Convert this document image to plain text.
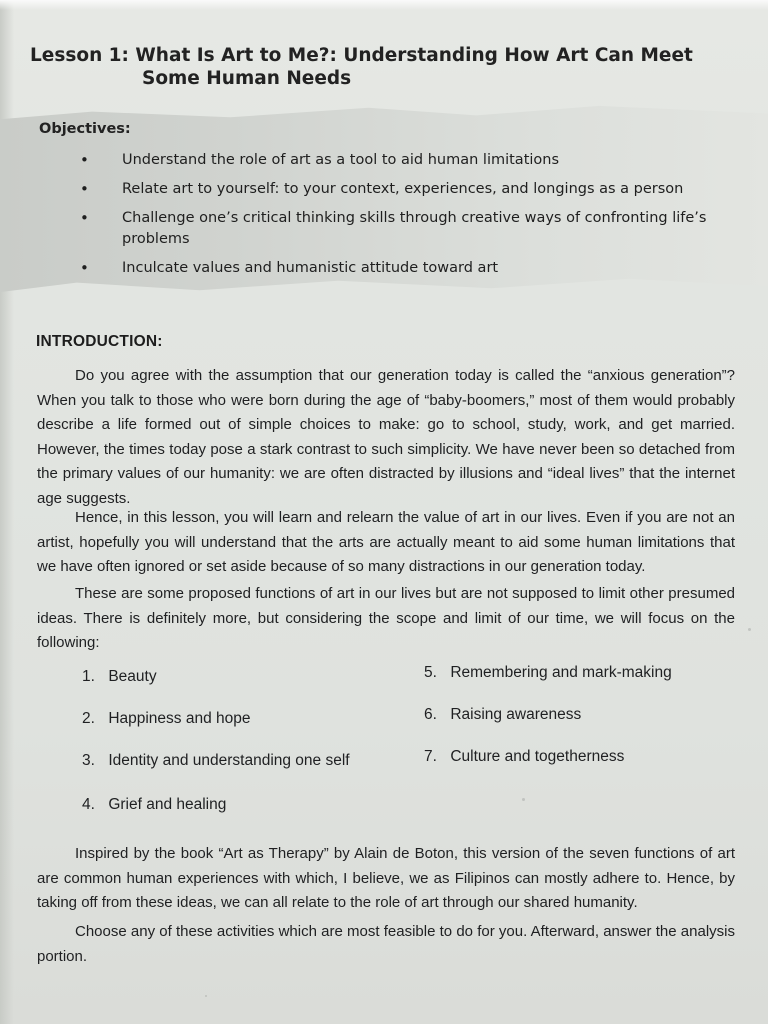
Lesson 1: What Is Art to Me?: Understanding How Art Can Meet
Some Human Needs
Objectives:
• Understand the role of art as a tool to aid human limitations
• Relate art to yourself: to your context, experiences, and longings as a person
• Challenge one’s critical thinking skills through creative ways of confronting life’s problems
• Inculcate values and humanistic attitude toward art
INTRODUCTION:

Do you agree with the assumption that our generation today is called the “anxious generation”? When you talk to those who were born during the age of “baby-boomers,” most of them would probably describe a life formed out of simple choices to make: go to school, study, work, and get married. However, the times today pose a stark contrast to such simplicity. We have never been so detached from the primary values of our humanity: we are often distracted by illusions and “ideal lives” that the internet age suggests.

Hence, in this lesson, you will learn and relearn the value of art in our lives. Even if you are not an artist, hopefully you will understand that the arts are actually meant to aid some human limitations that we have often ignored or set aside because of so many distractions in our generation today.

These are some proposed functions of art in our lives but are not supposed to limit other presumed ideas. There is definitely more, but considering the scope and limit of our time, we will focus on the following:

1. Beauty
2. Happiness and hope
3. Identity and understanding one self
4. Grief and healing
5. Remembering and mark-making
6. Raising awareness
7. Culture and togetherness

Inspired by the book “Art as Therapy” by Alain de Boton, this version of the seven functions of art are common human experiences with which, I believe, we as Filipinos can mostly adhere to. Hence, by taking off from these ideas, we can all relate to the role of art through our shared humanity.

Choose any of these activities which are most feasible to do for you. Afterward, answer the analysis portion.
